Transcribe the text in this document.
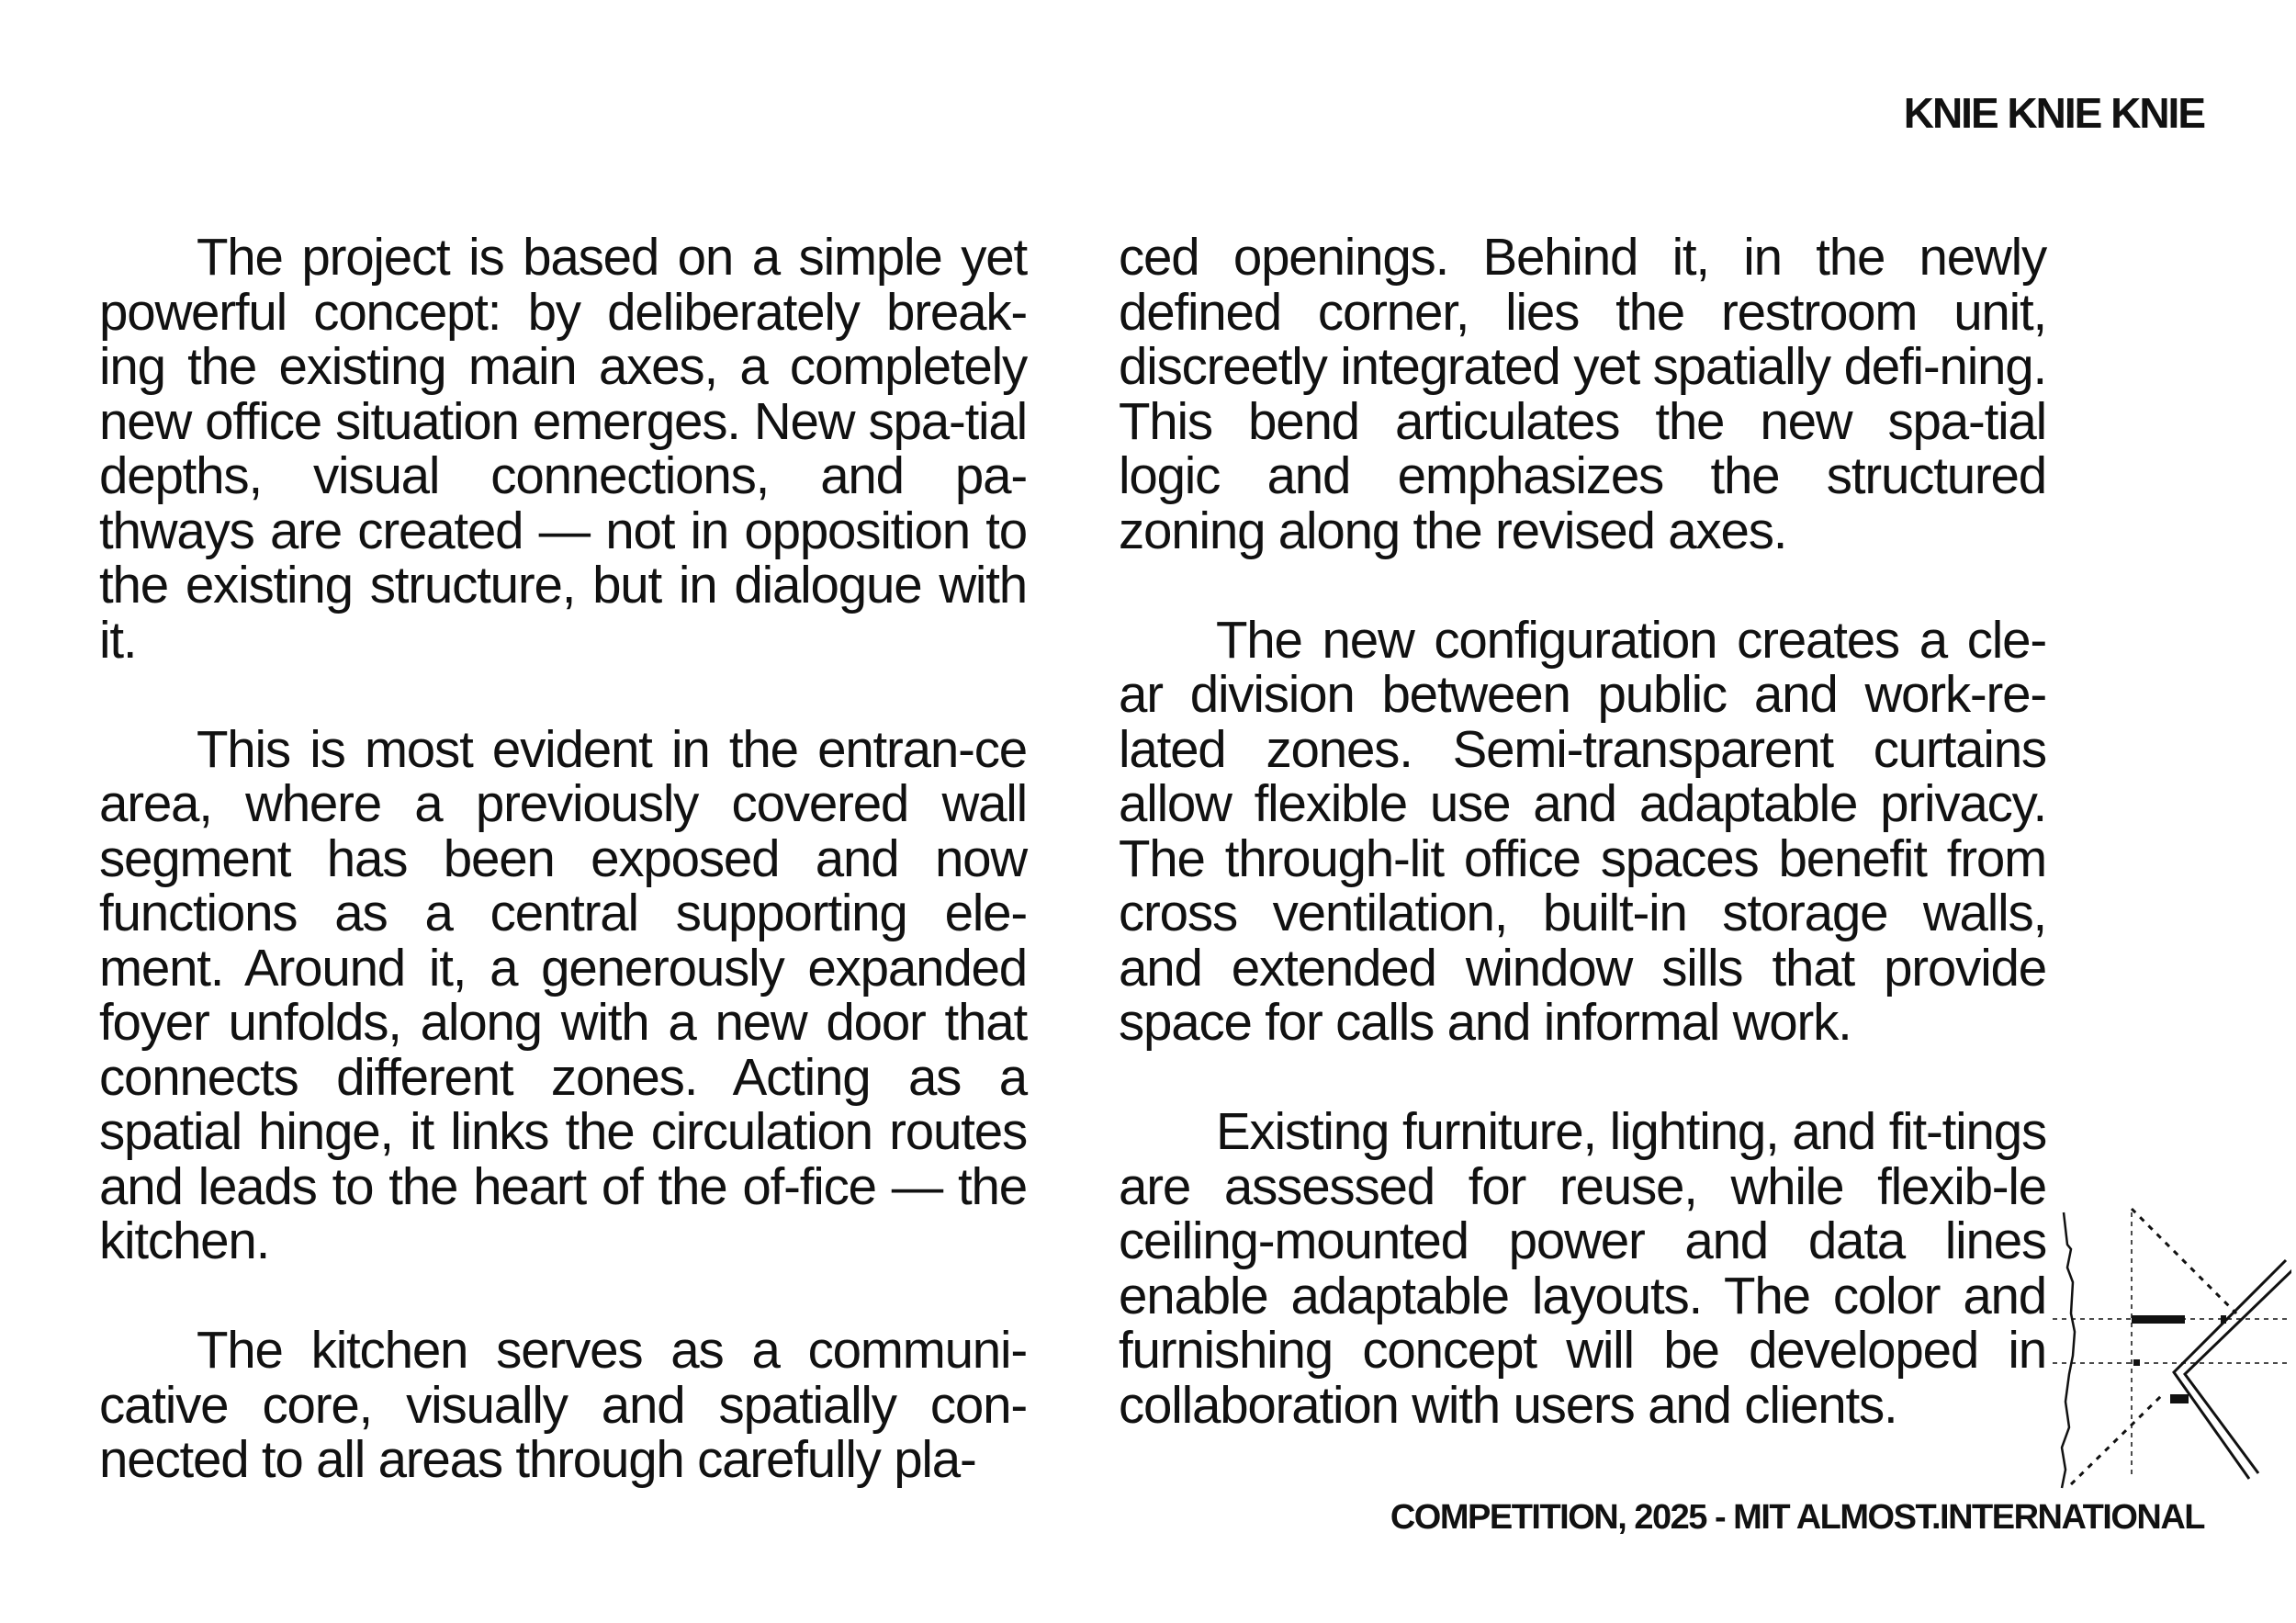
KNIE KNIE KNIE

The project is based on a simple yet powerful concept: by deliberately break-ing the existing main axes, a completely new office situation emerges. New spa-tial depths, visual connections, and pa-thways are created — not in opposition to the existing structure, but in dialogue with it.

This is most evident in the entran-ce area, where a previously covered wall segment has been exposed and now functions as a central supporting ele-ment. Around it, a generously expanded foyer unfolds, along with a new door that connects different zones. Acting as a spatial hinge, it links the circulation routes and leads to the heart of the of-fice — the kitchen.

The kitchen serves as a communi-cative core, visually and spatially con-nected to all areas through carefully pla-

ced openings. Behind it, in the newly defined corner, lies the restroom unit, discreetly integrated yet spatially defi-ning. This bend articulates the new spa-tial logic and emphasizes the structured zoning along the revised axes.

The new configuration creates a cle-ar division between public and work-re-lated zones. Semi-transparent curtains allow flexible use and adaptable privacy. The through-lit office spaces benefit from cross ventilation, built-in storage walls, and extended window sills that provide space for calls and informal work.

Existing furniture, lighting, and fit-tings are assessed for reuse, while flexib-le ceiling-mounted power and data lines enable adaptable layouts. The color and furnishing concept will be developed in collaboration with users and clients.

COMPETITION, 2025 - MIT ALMOST.INTERNATIONAL
